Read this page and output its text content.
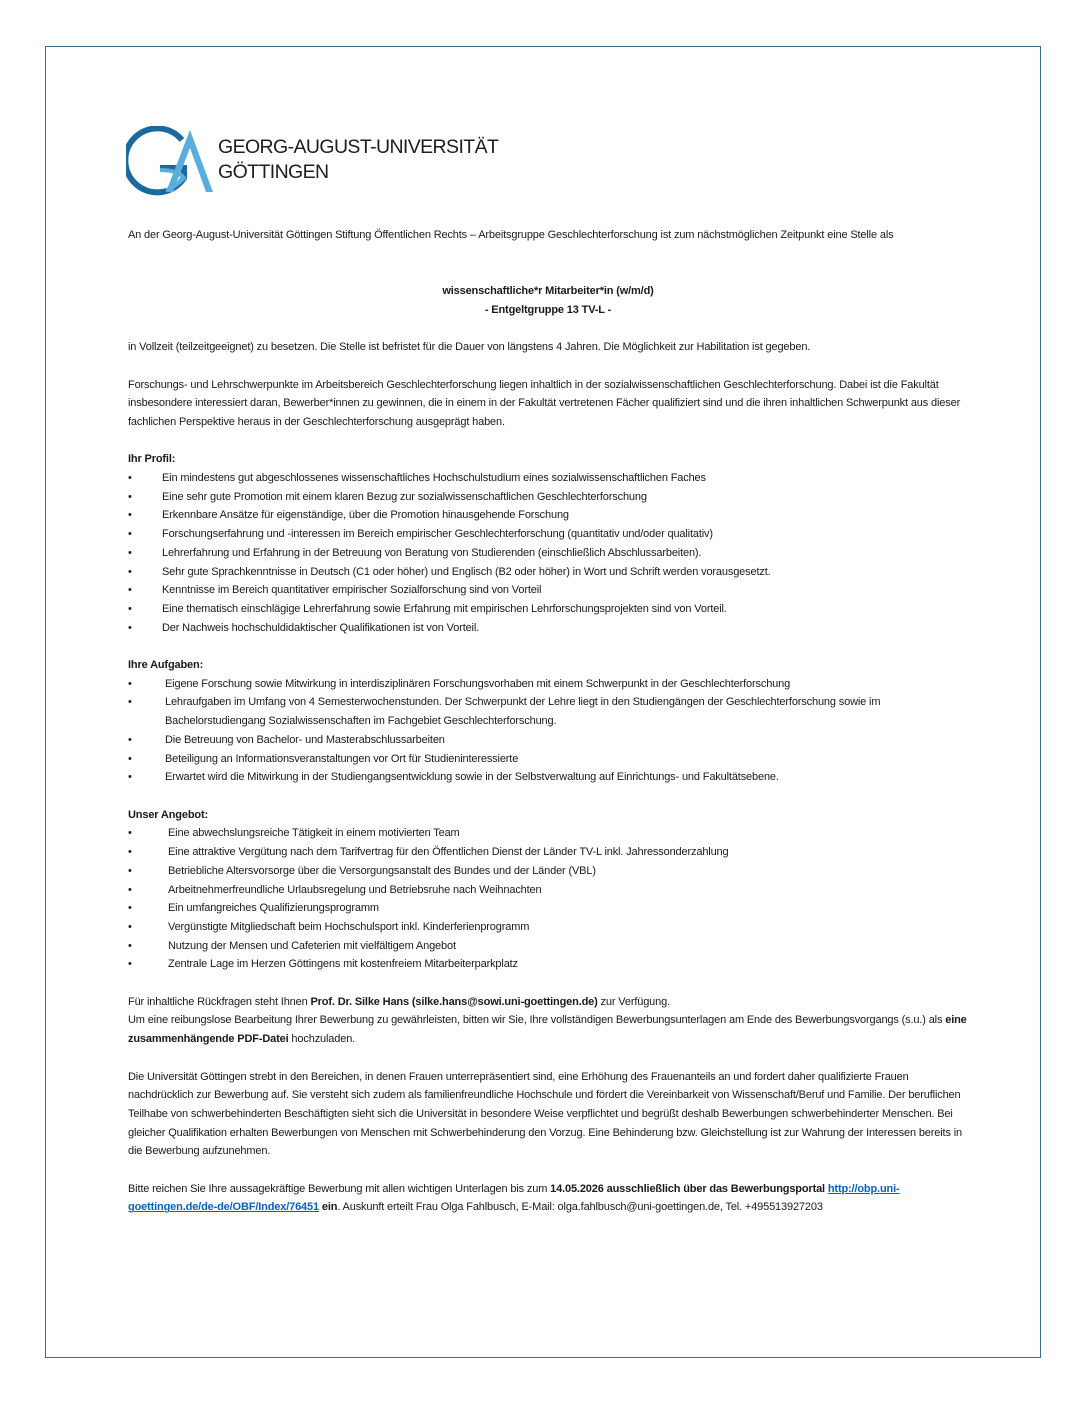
GEORG-AUGUST-UNIVERSITÄT
GÖTTINGEN

An der Georg-August-Universität Göttingen Stiftung Öffentlichen Rechts – Arbeitsgruppe Geschlechterforschung ist zum nächstmöglichen Zeitpunkt eine Stelle als

wissenschaftliche*r Mitarbeiter*in (w/m/d)

- Entgeltgruppe 13 TV-L -

in Vollzeit (teilzeitgeeignet) zu besetzen. Die Stelle ist befristet für die Dauer von längstens 4 Jahren. Die Möglichkeit zur Habilitation ist gegeben.

Forschungs- und Lehrschwerpunkte im Arbeitsbereich Geschlechterforschung liegen inhaltlich in der sozialwissenschaftlichen Geschlechterforschung. Dabei ist die Fakultät insbesondere interessiert daran, Bewerber*innen zu gewinnen, die in einem in der Fakultät vertretenen Fächer qualifiziert sind und die ihren inhaltlichen Schwerpunkt aus dieser fachlichen Perspektive heraus in der Geschlechterforschung ausgeprägt haben.

Ihr Profil:

•	Ein mindestens gut abgeschlossenes wissenschaftliches Hochschulstudium eines sozialwissenschaftlichen Faches
•	Eine sehr gute Promotion mit einem klaren Bezug zur sozialwissenschaftlichen Geschlechterforschung
•	Erkennbare Ansätze für eigenständige, über die Promotion hinausgehende Forschung
•	Forschungserfahrung und -interessen im Bereich empirischer Geschlechterforschung (quantitativ und/oder qualitativ)
•	Lehrerfahrung und Erfahrung in der Betreuung von Beratung von Studierenden (einschließlich Abschlussarbeiten).
•	Sehr gute Sprachkenntnisse in Deutsch (C1 oder höher) und Englisch (B2 oder höher) in Wort und Schrift werden vorausgesetzt.
•	Kenntnisse im Bereich quantitativer empirischer Sozialforschung sind von Vorteil
•	Eine thematisch einschlägige Lehrerfahrung sowie Erfahrung mit empirischen Lehrforschungsprojekten sind von Vorteil.
•	Der Nachweis hochschuldidaktischer Qualifikationen ist von Vorteil.

Ihre Aufgaben:

•	Eigene Forschung sowie Mitwirkung in interdisziplinären Forschungsvorhaben mit einem Schwerpunkt in der Geschlechterforschung
•	Lehraufgaben im Umfang von 4 Semesterwochenstunden. Der Schwerpunkt der Lehre liegt in den Studiengängen der Geschlechterforschung sowie im Bachelorstudiengang Sozialwissenschaften im Fachgebiet Geschlechterforschung.
•	Die Betreuung von Bachelor- und Masterabschlussarbeiten
•	Beteiligung an Informationsveranstaltungen vor Ort für Studieninteressierte
•	Erwartet wird die Mitwirkung in der Studiengangsentwicklung sowie in der Selbstverwaltung auf Einrichtungs- und Fakultätsebene.

Unser Angebot:

•	Eine abwechslungsreiche Tätigkeit in einem motivierten Team
•	Eine attraktive Vergütung nach dem Tarifvertrag für den Öffentlichen Dienst der Länder TV-L inkl. Jahressonderzahlung
•	Betriebliche Altersvorsorge über die Versorgungsanstalt des Bundes und der Länder (VBL)
•	Arbeitnehmerfreundliche Urlaubsregelung und Betriebsruhe nach Weihnachten
•	Ein umfangreiches Qualifizierungsprogramm
•	Vergünstigte Mitgliedschaft beim Hochschulsport inkl. Kinderferienprogramm
•	Nutzung der Mensen und Cafeterien mit vielfältigem Angebot
•	Zentrale Lage im Herzen Göttingens mit kostenfreiem Mitarbeiterparkplatz

Für inhaltliche Rückfragen steht Ihnen Prof. Dr. Silke Hans (silke.hans@sowi.uni-goettingen.de) zur Verfügung.
Um eine reibungslose Bearbeitung Ihrer Bewerbung zu gewährleisten, bitten wir Sie, Ihre vollständigen Bewerbungsunterlagen am Ende des Bewerbungsvorgangs (s.u.) als eine zusammenhängende PDF-Datei hochzuladen.

Die Universität Göttingen strebt in den Bereichen, in denen Frauen unterrepräsentiert sind, eine Erhöhung des Frauenanteils an und fordert daher qualifizierte Frauen nachdrücklich zur Bewerbung auf. Sie versteht sich zudem als familienfreundliche Hochschule und fördert die Vereinbarkeit von Wissenschaft/Beruf und Familie. Der beruflichen Teilhabe von schwerbehinderten Beschäftigten sieht sich die Universität in besondere Weise verpflichtet und begrüßt deshalb Bewerbungen schwerbehinderter Menschen. Bei gleicher Qualifikation erhalten Bewerbungen von Menschen mit Schwerbehinderung den Vorzug. Eine Behinderung bzw. Gleichstellung ist zur Wahrung der Interessen bereits in die Bewerbung aufzunehmen.

Bitte reichen Sie Ihre aussagekräftige Bewerbung mit allen wichtigen Unterlagen bis zum 14.05.2026 ausschließlich über das Bewerbungsportal http://obp.uni-goettingen.de/de-de/OBF/Index/76451 ein. Auskunft erteilt Frau Olga Fahlbusch, E-Mail: olga.fahlbusch@uni-goettingen.de, Tel. +495513927203
